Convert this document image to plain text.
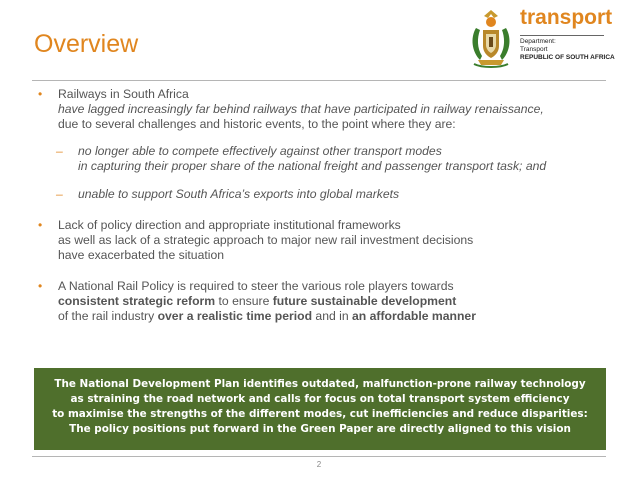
Overview
transport
Department:
Transport
REPUBLIC OF SOUTH AFRICA
• Railways in South Africa
have lagged increasingly far behind railways that have participated in railway renaissance,
due to several challenges and historic events, to the point where they are:
– no longer able to compete effectively against other transport modes
in capturing their proper share of the national freight and passenger transport task; and
– unable to support South Africa’s exports into global markets
• Lack of policy direction and appropriate institutional frameworks
as well as lack of a strategic approach to major new rail investment decisions
have exacerbated the situation
• A National Rail Policy is required to steer the various role players towards
consistent strategic reform to ensure future sustainable development
of the rail industry over a realistic time period and in an affordable manner
The National Development Plan identifies outdated, malfunction-prone railway technology
as straining the road network and calls for focus on total transport system efficiency
to maximise the strengths of the different modes, cut inefficiencies and reduce disparities:
The policy positions put forward in the Green Paper are directly aligned to this vision
2
